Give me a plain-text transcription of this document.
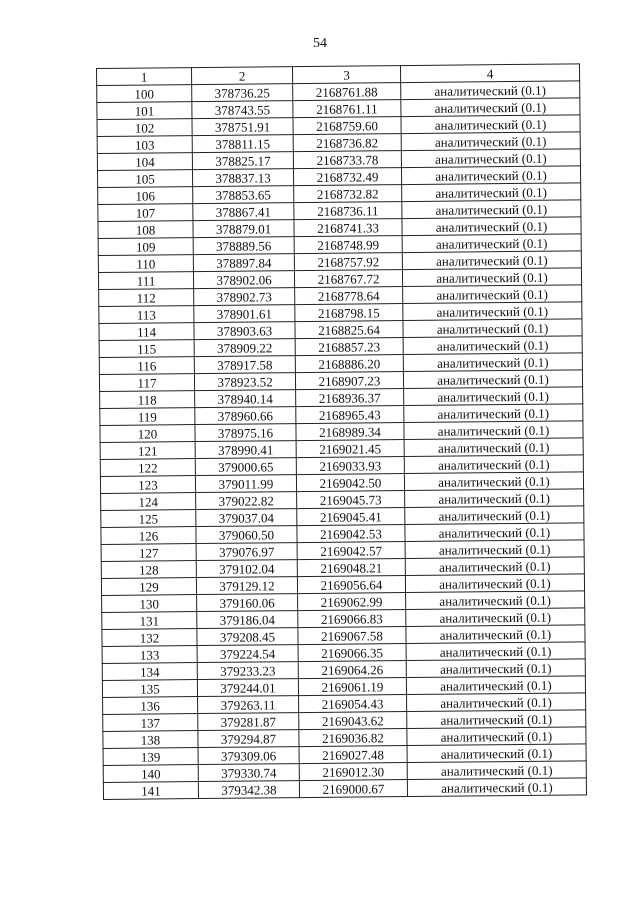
54
1	2	3	4
100	378736.25	2168761.88	аналитический (0.1)
101	378743.55	2168761.11	аналитический (0.1)
102	378751.91	2168759.60	аналитический (0.1)
103	378811.15	2168736.82	аналитический (0.1)
104	378825.17	2168733.78	аналитический (0.1)
105	378837.13	2168732.49	аналитический (0.1)
106	378853.65	2168732.82	аналитический (0.1)
107	378867.41	2168736.11	аналитический (0.1)
108	378879.01	2168741.33	аналитический (0.1)
109	378889.56	2168748.99	аналитический (0.1)
110	378897.84	2168757.92	аналитический (0.1)
111	378902.06	2168767.72	аналитический (0.1)
112	378902.73	2168778.64	аналитический (0.1)
113	378901.61	2168798.15	аналитический (0.1)
114	378903.63	2168825.64	аналитический (0.1)
115	378909.22	2168857.23	аналитический (0.1)
116	378917.58	2168886.20	аналитический (0.1)
117	378923.52	2168907.23	аналитический (0.1)
118	378940.14	2168936.37	аналитический (0.1)
119	378960.66	2168965.43	аналитический (0.1)
120	378975.16	2168989.34	аналитический (0.1)
121	378990.41	2169021.45	аналитический (0.1)
122	379000.65	2169033.93	аналитический (0.1)
123	379011.99	2169042.50	аналитический (0.1)
124	379022.82	2169045.73	аналитический (0.1)
125	379037.04	2169045.41	аналитический (0.1)
126	379060.50	2169042.53	аналитический (0.1)
127	379076.97	2169042.57	аналитический (0.1)
128	379102.04	2169048.21	аналитический (0.1)
129	379129.12	2169056.64	аналитический (0.1)
130	379160.06	2169062.99	аналитический (0.1)
131	379186.04	2169066.83	аналитический (0.1)
132	379208.45	2169067.58	аналитический (0.1)
133	379224.54	2169066.35	аналитический (0.1)
134	379233.23	2169064.26	аналитический (0.1)
135	379244.01	2169061.19	аналитический (0.1)
136	379263.11	2169054.43	аналитический (0.1)
137	379281.87	2169043.62	аналитический (0.1)
138	379294.87	2169036.82	аналитический (0.1)
139	379309.06	2169027.48	аналитический (0.1)
140	379330.74	2169012.30	аналитический (0.1)
141	379342.38	2169000.67	аналитический (0.1)
